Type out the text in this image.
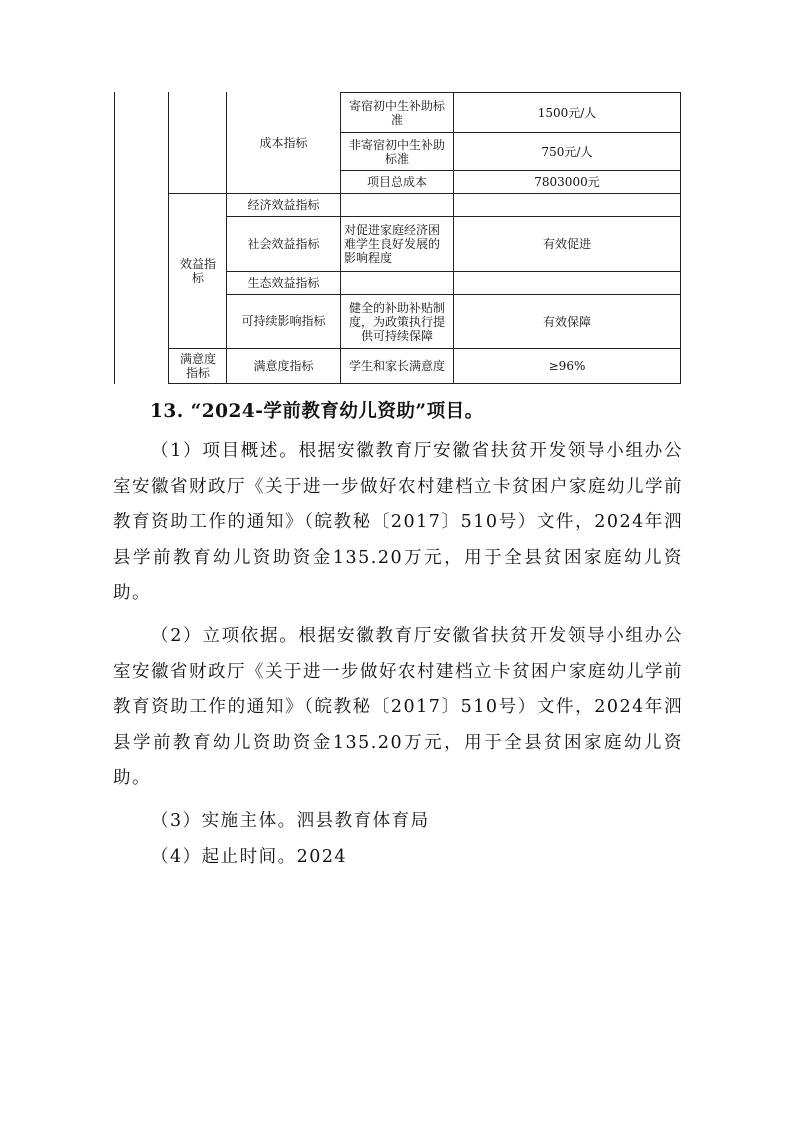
效益指标
满意度指标
成本指标
经济效益指标
社会效益指标
生态效益指标
可持续影响指标
满意度指标
寄宿初中生补助标准
非寄宿初中生补助标准
项目总成本
对促进家庭经济困难学生良好发展的影响程度
健全的补助补贴制度，为政策执行提供可持续保障
学生和家长满意度
1500元/人
750元/人
7803000元
有效促进
有效保障
≥96%
13. “2024-学前教育幼儿资助”项目。

（1）项目概述。根据安徽教育厅安徽省扶贫开发领导小组办公室安徽省财政厅《关于进一步做好农村建档立卡贫困户家庭幼儿学前教育资助工作的通知》（皖教秘〔2017〕510号）文件，2024年泗县学前教育幼儿资助资金135.20万元，用于全县贫困家庭幼儿资助。

（2）立项依据。根据安徽教育厅安徽省扶贫开发领导小组办公室安徽省财政厅《关于进一步做好农村建档立卡贫困户家庭幼儿学前教育资助工作的通知》（皖教秘〔2017〕510号）文件，2024年泗县学前教育幼儿资助资金135.20万元，用于全县贫困家庭幼儿资助。

（3）实施主体。泗县教育体育局

（4）起止时间。2024
